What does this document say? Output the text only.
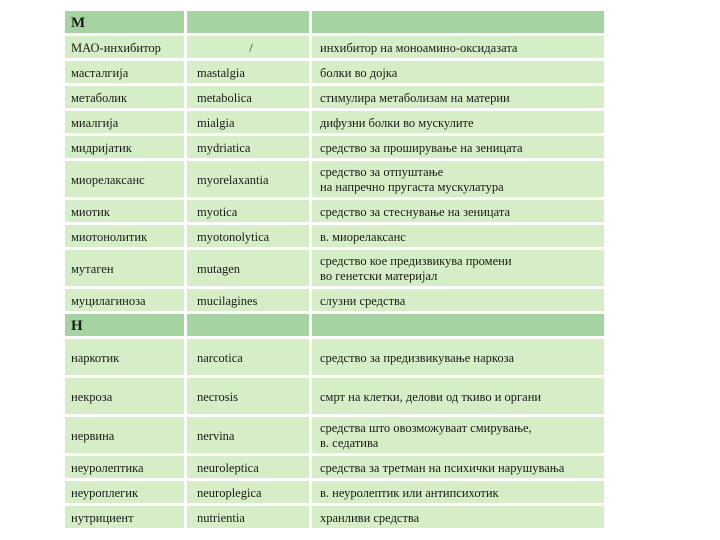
М		
МАО-инхибитор	/	инхибитор на моноамино-оксидазата
масталгија	mastalgia	болки во дојка
метаболик	metabolica	стимулира метаболизам на материи
миалгија	mialgia	дифузни болки во мускулите
мидријатик	mydriatica	средство за проширување на зеницата
миорелаксанс	myorelaxantia	средство за отпуштање
на напречно пругаста мускулатура
миотик	myotica	средство за стеснување на зеницата
миотонолитик	myotonolytica	в. миорелаксанс
мутаген	mutagen	средство кое предизвикува промени
во генетски материјал
муцилагиноза	mucilagines	слузни средства
Н		
наркотик	narcotica	средство за предизвикување наркоза
некроза	necrosis	смрт на клетки, делови од ткиво и органи
нервина	nervina	средства што овозможуваат смирување,
в. седатива
неуролептика	neuroleptica	средства за третман на психички нарушувања
неуроплегик	neuroplegica	в. неуролептик или антипсихотик
нутрициент	nutrientia	хранливи средства
